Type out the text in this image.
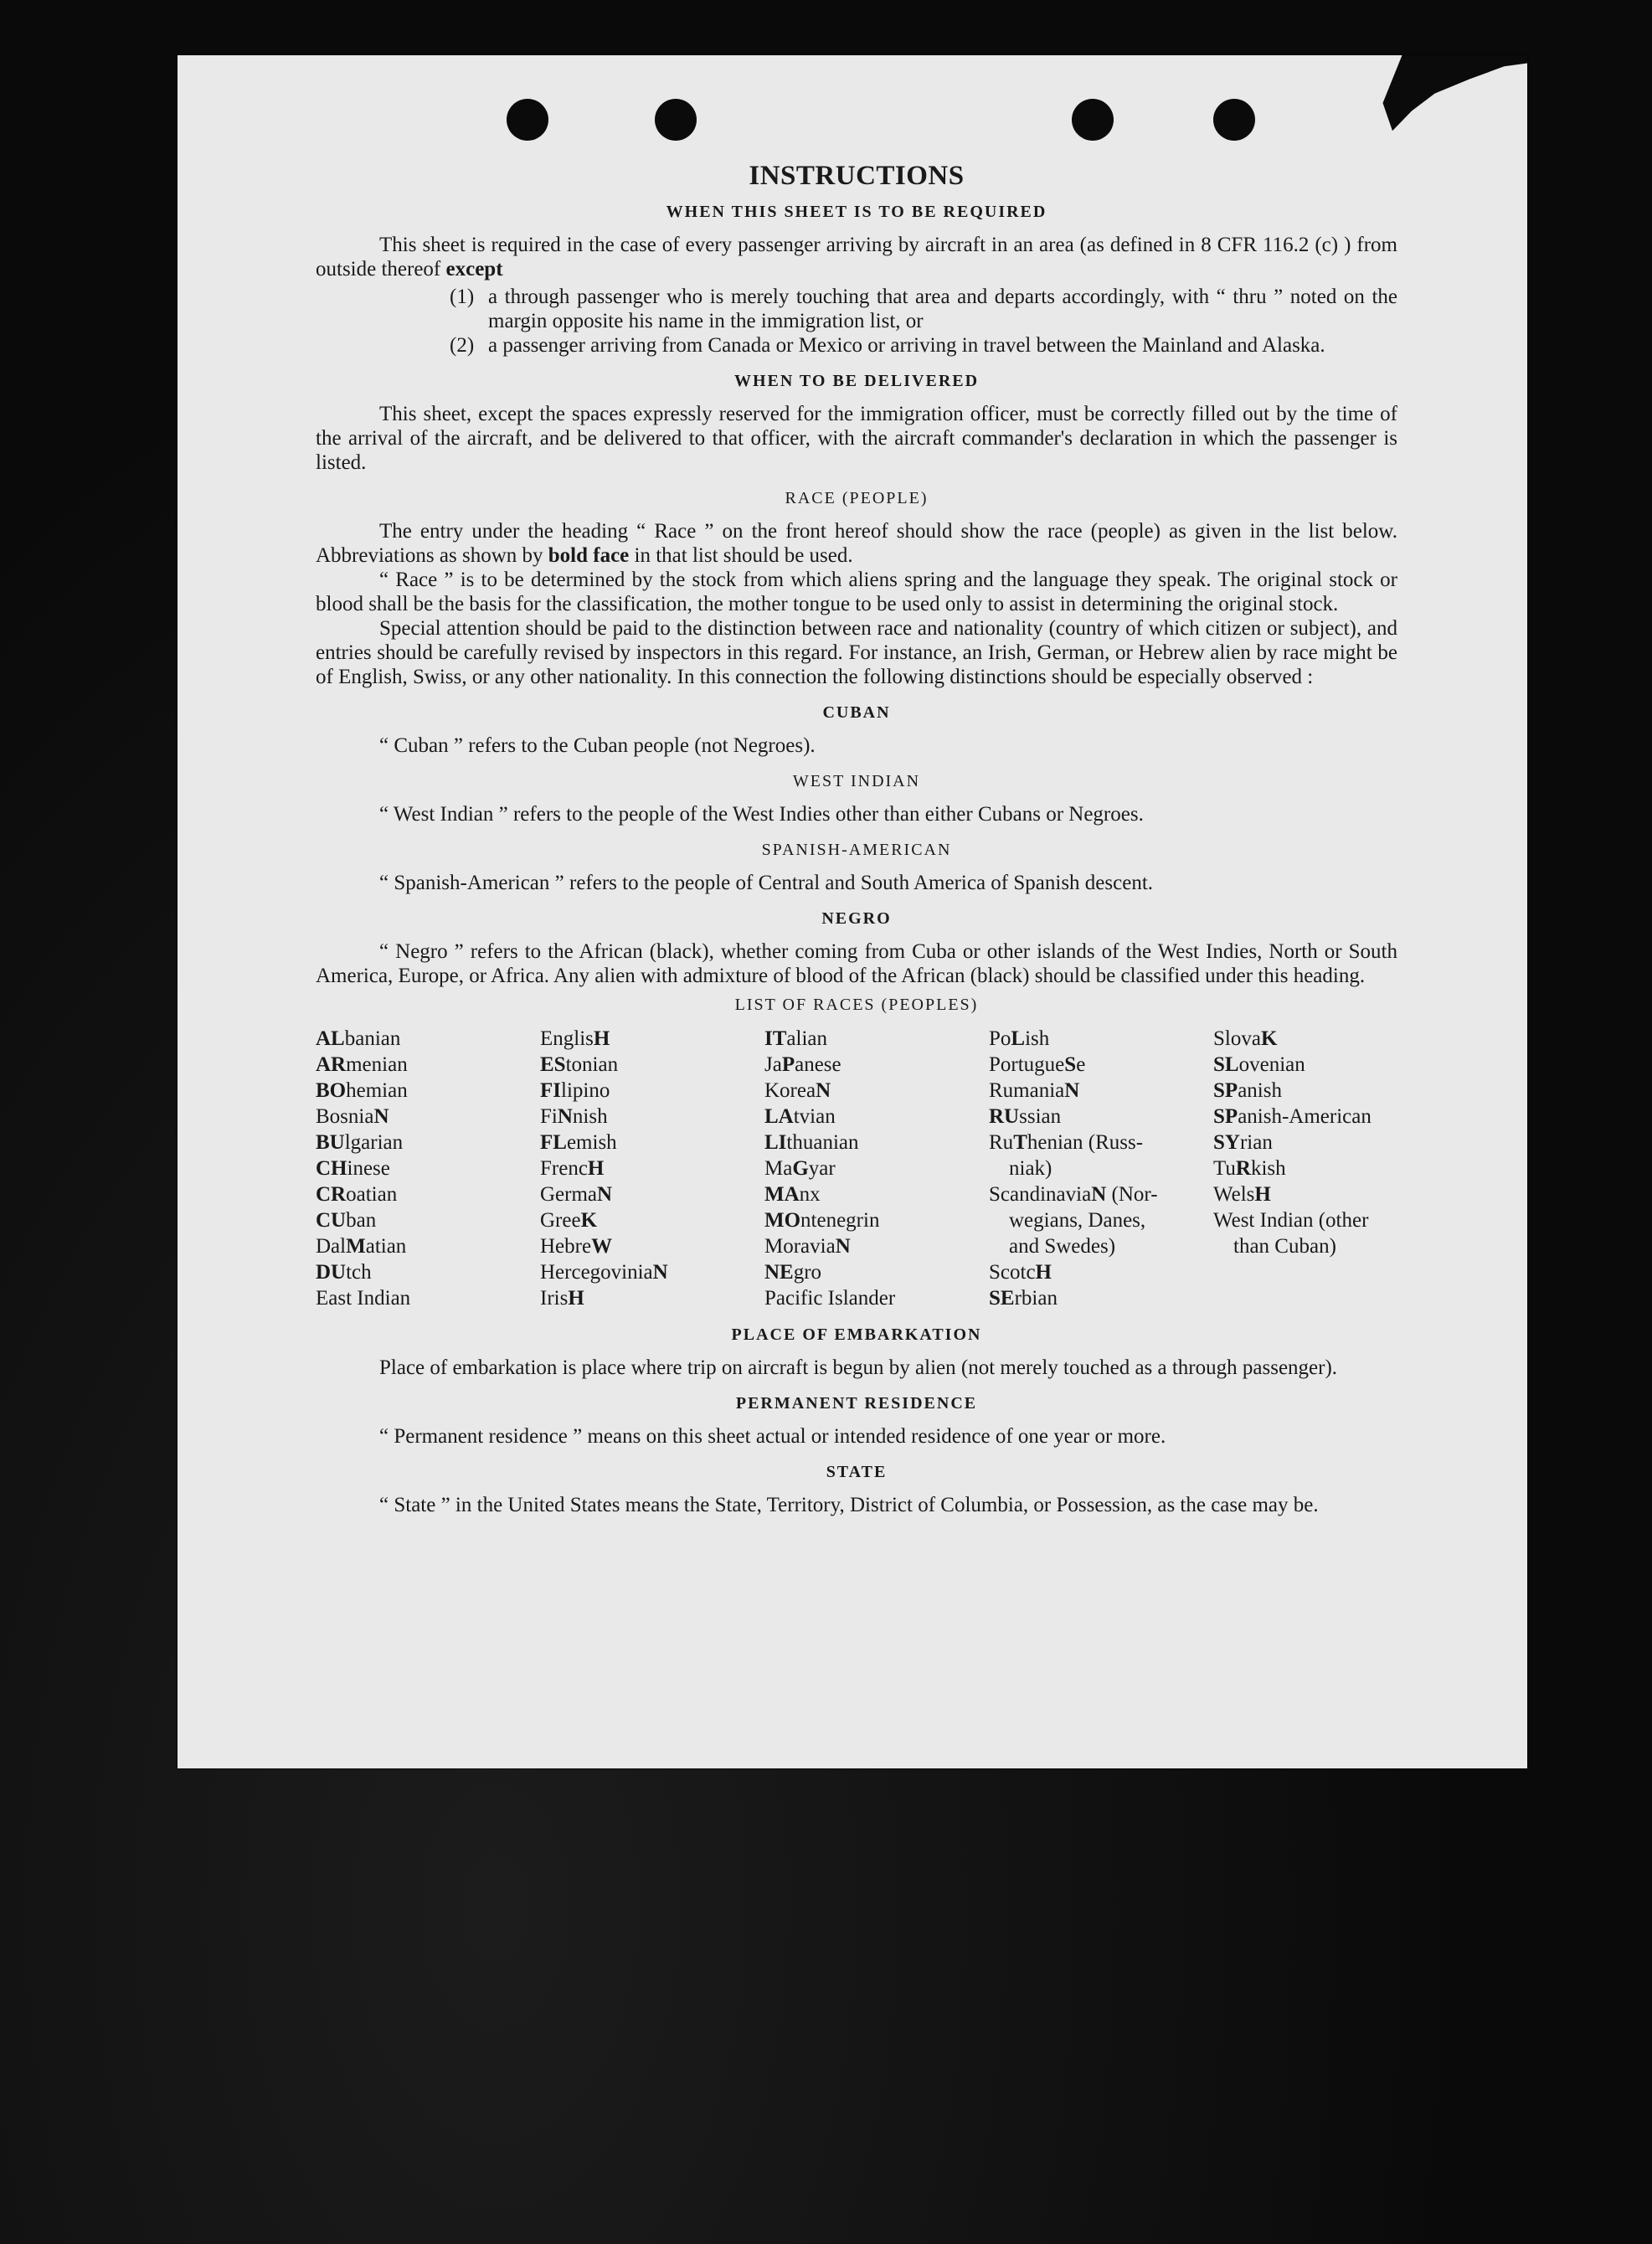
INSTRUCTIONS
WHEN THIS SHEET IS TO BE REQUIRED

This sheet is required in the case of every passenger arriving by aircraft in an area (as defined in 8 CFR 116.2 (c) ) from outside thereof except

(1) a through passenger who is merely touching that area and departs accordingly, with “ thru ” noted on the margin opposite his name in the immigration list, or
(2) a passenger arriving from Canada or Mexico or arriving in travel between the Mainland and Alaska.
WHEN TO BE DELIVERED

This sheet, except the spaces expressly reserved for the immigration officer, must be correctly filled out by the time of the arrival of the aircraft, and be delivered to that officer, with the aircraft commander's declaration in which the passenger is listed.

RACE (PEOPLE)

The entry under the heading “ Race ” on the front hereof should show the race (people) as given in the list below. Abbreviations as shown by bold face in that list should be used.

“ Race ” is to be determined by the stock from which aliens spring and the language they speak. The original stock or blood shall be the basis for the classification, the mother tongue to be used only to assist in determining the original stock.

Special attention should be paid to the distinction between race and nationality (country of which citizen or subject), and entries should be carefully revised by inspectors in this regard. For instance, an Irish, German, or Hebrew alien by race might be of English, Swiss, or any other nationality. In this connection the following distinctions should be especially observed :

CUBAN

“ Cuban ” refers to the Cuban people (not Negroes).

WEST INDIAN

“ West Indian ” refers to the people of the West Indies other than either Cubans or Negroes.

SPANISH-AMERICAN

“ Spanish-American ” refers to the people of Central and South America of Spanish descent.

NEGRO

“ Negro ” refers to the African (black), whether coming from Cuba or other islands of the West Indies, North or South America, Europe, or Africa. Any alien with admixture of blood of the African (black) should be classified under this heading.

LIST OF RACES (PEOPLES)
ALbanian
ARmenian
BOhemian
BosniaN
BUlgarian
CHinese
CRoatian
CUban
DalMatian
DUtch
East Indian
EnglisH
EStonian
FIlipino
FiNnish
FLemish
FrencH
GermaN
GreeK
HebreW
HercegoviniaN
IrisH
ITalian
JaPanese
KoreaN
LAtvian
LIthuanian
MaGyar
MAnx
MOntenegrin
MoraviaN
NEgro
Pacific Islander
PoLish
PortugueSe
RumaniaN
RUssian
RuThenian (Russ-
niak)
ScandinaviaN (Nor-
wegians, Danes,
and Swedes)
ScotcH
SErbian
SlovaK
SLovenian
SPanish
SPanish-American
SYrian
TuRkish
WelsH
West Indian (other
than Cuban)
PLACE OF EMBARKATION

Place of embarkation is place where trip on aircraft is begun by alien (not merely touched as a through passenger).

PERMANENT RESIDENCE

“ Permanent residence ” means on this sheet actual or intended residence of one year or more.

STATE

“ State ” in the United States means the State, Territory, District of Columbia, or Possession, as the case may be.
